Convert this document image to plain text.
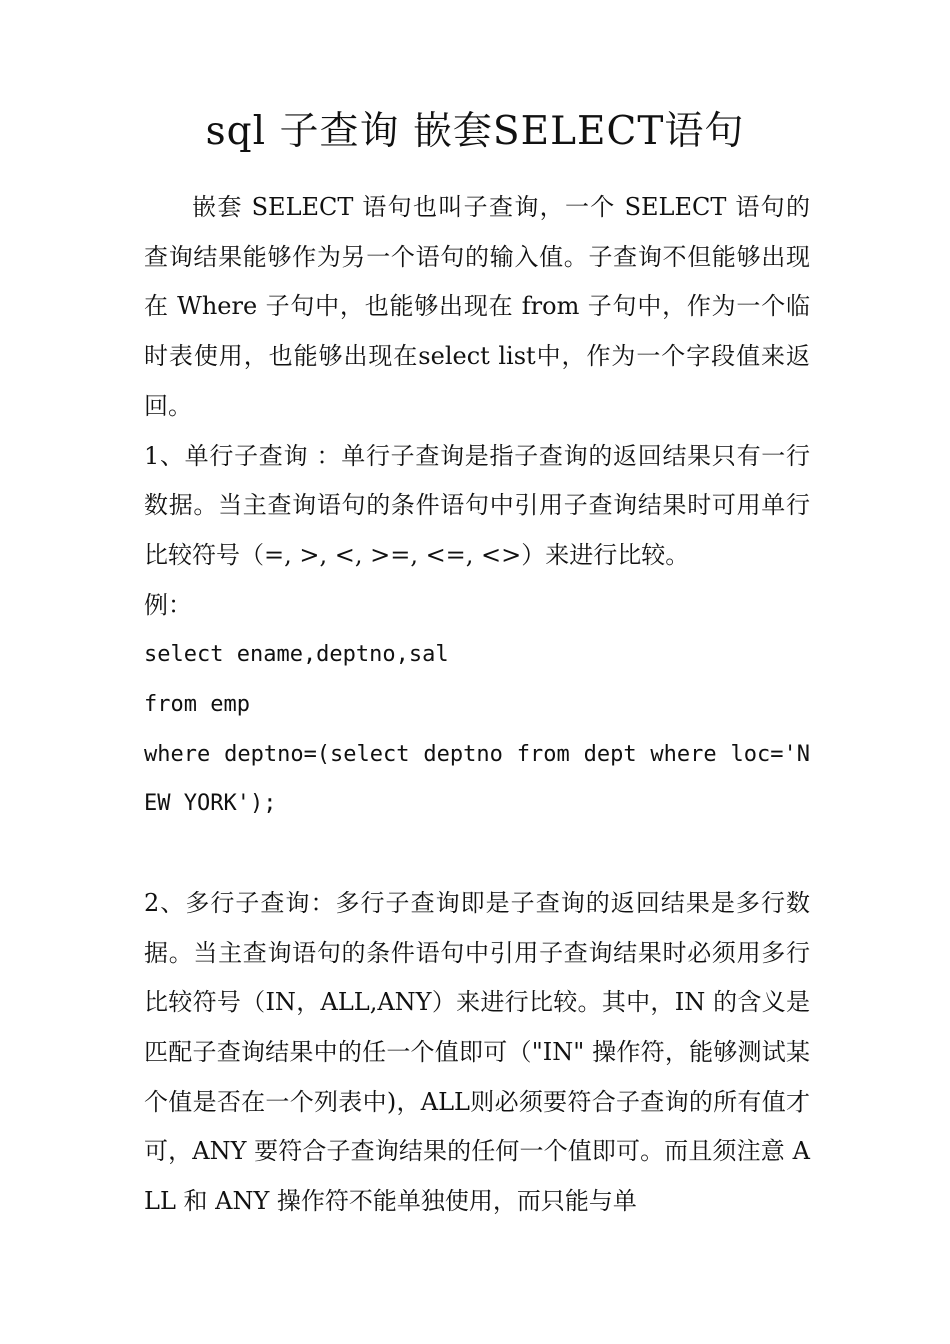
sql 子查询 嵌套SELECT语句

嵌套 SELECT 语句也叫子查询，一个 SELECT 语句的查询结果能够作为另一个语句的输入值。子查询不但能够出现在 Where 子句中，也能够出现在 from 子句中，作为一个临时表使用，也能够出现在select list中，作为一个字段值来返回。

1、单行子查询 ：单行子查询是指子查询的返回结果只有一行数据。当主查询语句的条件语句中引用子查询结果时可用单行比较符号（=, >, <, >=, <=, <>）来进行比较。

例：

select ename,deptno,sal

from emp

where deptno=(select deptno from dept where loc='NEW YORK');

2、多行子查询：多行子查询即是子查询的返回结果是多行数据。当主查询语句的条件语句中引用子查询结果时必须用多行比较符号（IN，ALL,ANY）来进行比较。其中，IN 的含义是匹配子查询结果中的任一个值即可（"IN" 操作符，能够测试某个值是否在一个列表中)，ALL则必须要符合子查询的所有值才可，ANY 要符合子查询结果的任何一个值即可。而且须注意 ALL 和 ANY 操作符不能单独使用，而只能与单
